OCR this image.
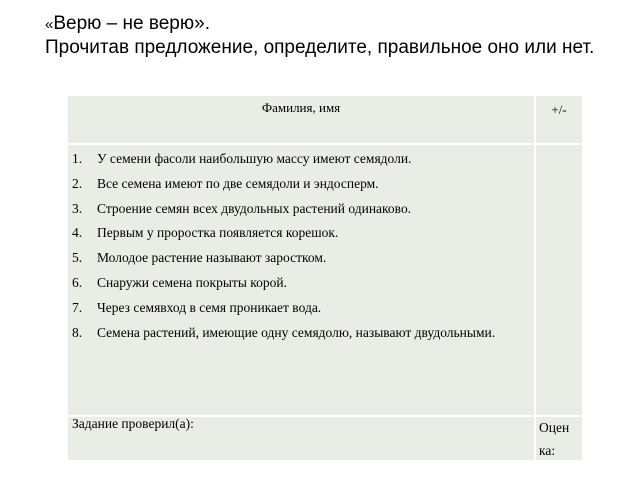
«Верю – не верю».
Прочитав предложение, определите, правильное оно или нет.
Фамилия, имя	+/-
1. У семени фасоли наибольшую массу имеют семядоли.
2. Все семена имеют по две семядоли и эндосперм.
3. Строение семян всех двудольных растений одинаково.
4. Первым у проростка появляется корешок.
5. Молодое растение называют заростком.
6. Снаружи семена покрыты корой.
7. Через семявход в семя проникает вода.
8. Семена растений, имеющие одну семядолю, называют двудольными.
Задание проверил(а):	Оцен
ка:
